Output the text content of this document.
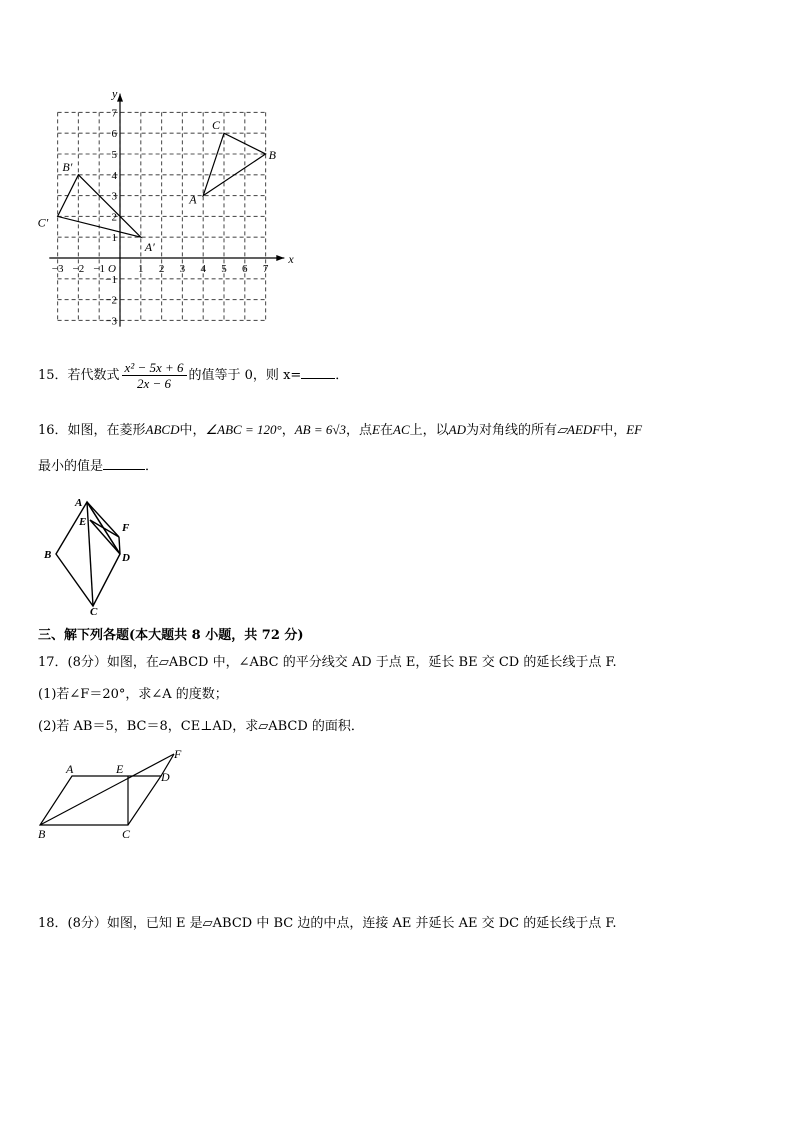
x
y
−3 −2 −1	1 2 3 4 5 6 7
7
6
5
4
3
2
1
−1
−2
−3
O
A
B
C
A′
B′
C′
15．若代数式 $\frac{\text{x² − 5x + 6}}{2x - 6}$ 的值等于 0，则 x=	．
16．如图，在菱形ABCD中，∠ABC = 120°，AB = 6√3，点E在AC上，以AD为对角线的所有▱AEDF中，EF
最小的值是	．
A
E	F
B	D
C
三、解下列各题(本大题共 8 小题，共 72 分)
17．(8分）如图，在▱ABCD 中，∠ABC 的平分线交 AD 于点 E，延长 BE 交 CD 的延长线于点 F.
(1)若∠F＝20°，求∠A 的度数；
(2)若 AB＝5，BC＝8，CE⊥AD，求▱ABCD 的面积．
A	E
F
D
B	C
18．(8分）如图，已知 E 是▱ABCD 中 BC 边的中点，连接 AE 并延长 AE 交 DC 的延长线于点 F.
